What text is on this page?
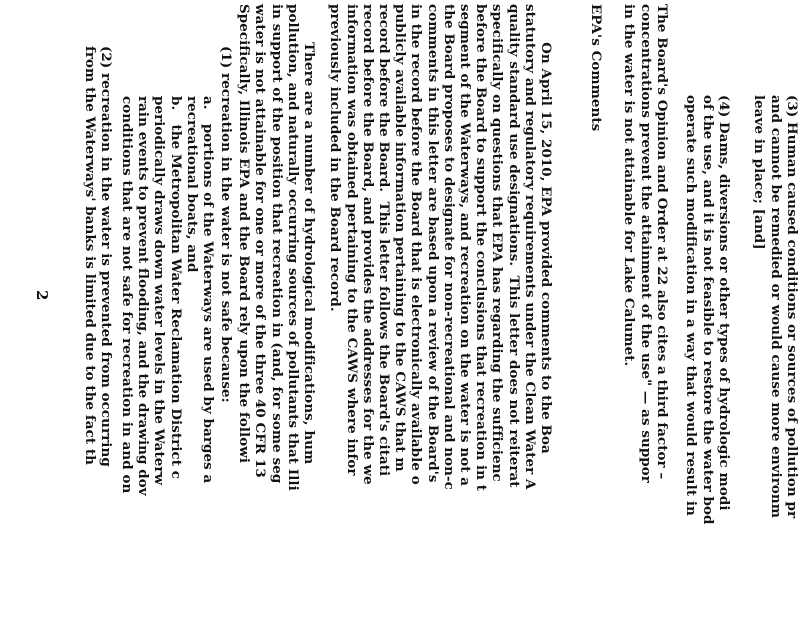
(3) Human caused conditions or sources of pollution pr
and cannot be remedied or would cause more environm
leave in place; [and]
(4) Dams, diversions or other types of hydrologic modi
of the use, and it is not feasible to restore the water bod
operate such modification in a way that would result in
The Board's Opinion and Order at 22 also cites a third factor –
concentrations prevent the attainment of the use" — as suppor
in the water is not attainable for Lake Calumet.
EPA's Comments
On April 15, 2010, EPA provided comments to the Boa
statutory and regulatory requirements under the Clean Water A
quality standard use designations.  This letter does not reiterat
specifically on questions that EPA has regarding the sufficienc
before the Board to support the conclusions that recreation in t
segment of the Waterways, and recreation on the water is not a
the Board proposes to designate for non-recreational and non-c
comments in this letter are based upon a review of the Board's
in the record before the Board that is electronically available o
publicly available information pertaining to the CAWS that m
record before the Board.  This letter follows the Board's citati
record before the Board, and provides the addresses for the we
information was obtained pertaining to the CAWS where infor
previously included in the Board record.
There are a number of hydrological modifications, hum
pollution, and naturally occurring sources of pollutants that Illi
in support of the position that recreation in (and, for some seg
water is not attainable for one or more of the three 40 CFR 13
Specifically, Illinois EPA and the Board rely upon the followi
(1) recreation in the water is not safe because:
a.   portions of the Waterways are used by barges a
recreational boats, and
b.   the Metropolitan Water Reclamation District c
periodically draws down water levels in the Waterw
rain events to prevent flooding, and the drawing dov
conditions that are not safe for recreation in and on
(2) recreation in the water is prevented from occurring
from the Waterways' banks is limited due to the fact th
2
